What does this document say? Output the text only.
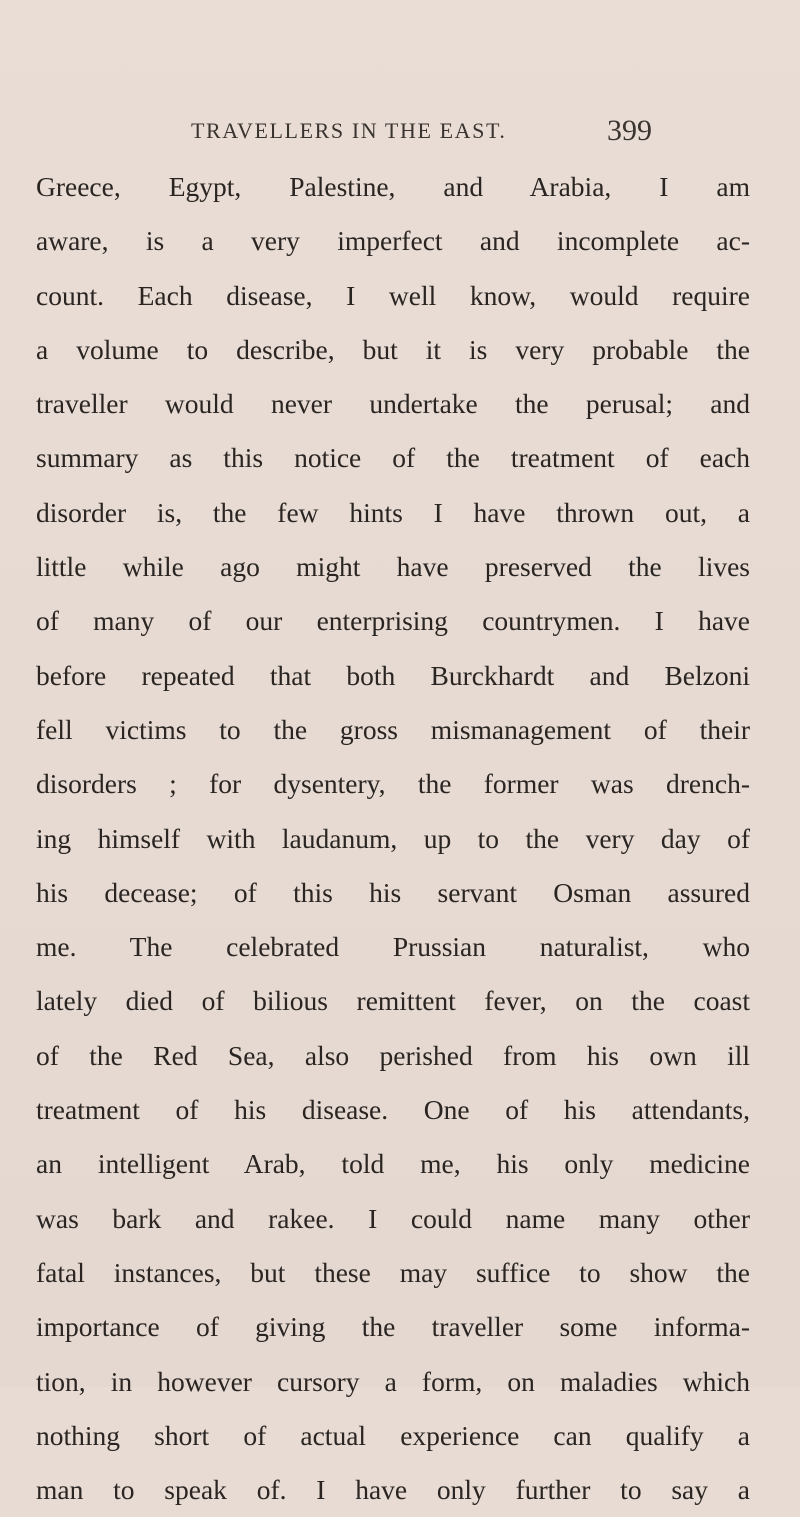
TRAVELLERS IN THE EAST.	399
Greece, Egypt, Palestine, and Arabia, I am
aware, is a very imperfect and incomplete ac-
count. Each disease, I well know, would require
a volume to describe, but it is very probable the
traveller would never undertake the perusal; and
summary as this notice of the treatment of each
disorder is, the few hints I have thrown out, a
little while ago might have preserved the lives
of many of our enterprising countrymen. I have
before repeated that both Burckhardt and Belzoni
fell victims to the gross mismanagement of their
disorders ; for dysentery, the former was drench-
ing himself with laudanum, up to the very day of
his decease; of this his servant Osman assured
me. The celebrated Prussian naturalist, who
lately died of bilious remittent fever, on the coast
of the Red Sea, also perished from his own ill
treatment of his disease. One of his attendants,
an intelligent Arab, told me, his only medicine
was bark and rakee. I could name many other
fatal instances, but these may suffice to show the
importance of giving the traveller some informa-
tion, in however cursory a form, on maladies which
nothing short of actual experience can qualify a
man to speak of. I have only further to say a
